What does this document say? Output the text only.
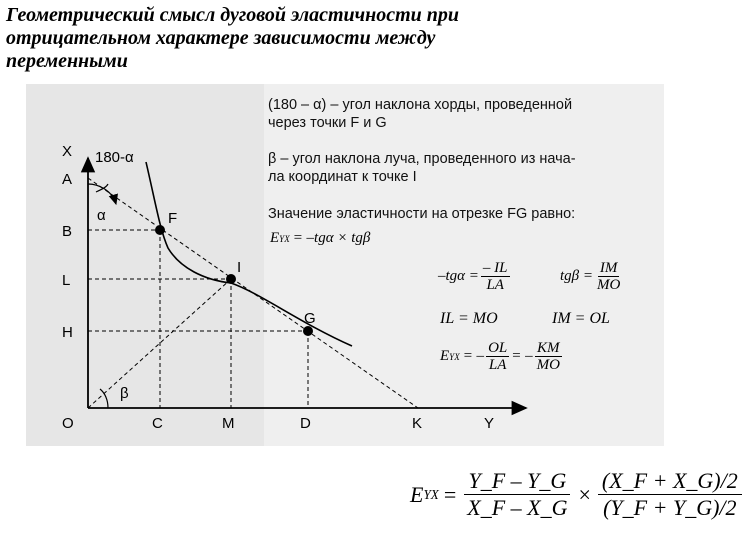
Геометрический смысл дуговой эластичности при
отрицательном характере зависимости между
переменными
X
A
B
L
H
O	C	M	D	K	Y
F
I
G
180-α
α
β
(180 – α) – угол наклона хорды, проведенной
через точки F и G
β – угол наклона луча, проведенного из нача-
ла координат к точке I
Значение эластичности на отрезке FG равно:
E Y X = –tgα × tgβ
$-tg\alpha = \frac{- IL}{LA}$	$tg\beta = \frac{IM}{MO}$
IL = MO	IM = OL
E Y X = – $\frac{OL}{LA}$ = – $\frac{KM}{MO}$
E Y $X = \frac{Y\_F - Y\_G}{X\_F - X\_G} \times \frac{(X\_F + X\_G)/2}{(Y\_F + Y\_G)/2}$
